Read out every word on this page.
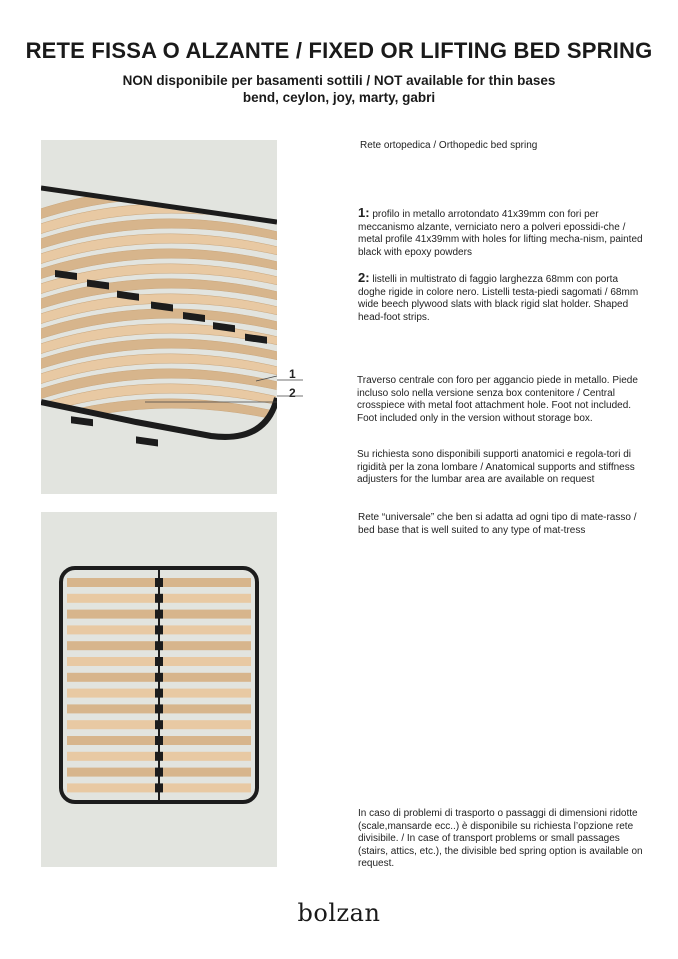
RETE FISSA O ALZANTE / FIXED OR LIFTING BED SPRING
NON disponibile per basamenti sottili / NOT available for thin bases
bend, ceylon, joy, marty, gabri
1
2
Rete ortopedica / Orthopedic bed spring
1: profilo in metallo arrotondato 41x39mm con fori per meccanismo alzante, verniciato nero a polveri epossidi-che / metal profile 41x39mm with holes for lifting mecha-nism, painted black with epoxy powders
2: listelli in multistrato di faggio larghezza 68mm con porta doghe rigide in colore nero. Listelli testa-piedi sagomati / 68mm wide beech plywood slats with black rigid slat holder. Shaped head-foot strips.
Traverso centrale con foro per aggancio piede in metallo. Piede incluso solo nella versione senza box contenitore / Central crosspiece with metal foot attachment hole. Foot not included. Foot included only in the version without storage box.
Su richiesta sono disponibili supporti anatomici e regola-tori di rigidità per la zona lombare / Anatomical supports and stiffness adjusters for the lumbar area are available on request
Rete “universale” che ben si adatta ad ogni tipo di mate-rasso / bed base that is well suited to any type of mat-tress
In caso di problemi di trasporto o passaggi di dimensioni ridotte (scale,mansarde ecc..) è disponibile su richiesta l’opzione rete divisibile. / In case of transport problems or small passages (stairs, attics, etc.), the divisible bed spring option is available on request.
bolzan
